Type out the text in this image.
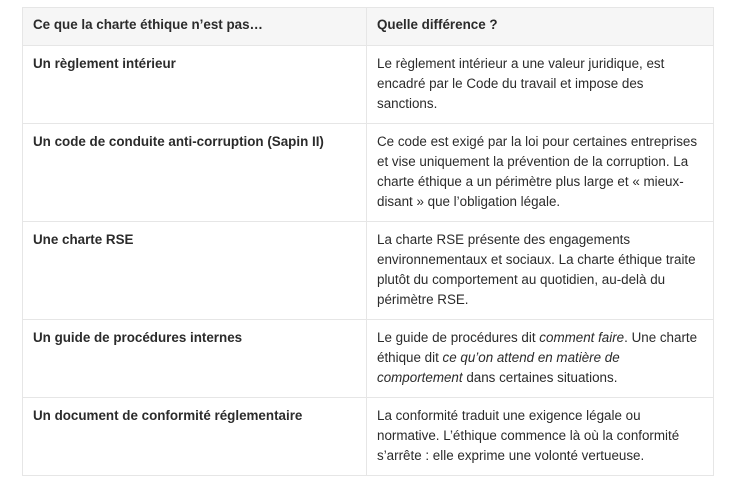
Ce que la charte éthique n’est pas…	Quelle différence ?
Un règlement intérieur	Le règlement intérieur a une valeur juridique, est encadré par le Code du travail et impose des sanctions.
Un code de conduite anti-corruption (Sapin II)	Ce code est exigé par la loi pour certaines entreprises et vise uniquement la prévention de la corruption. La charte éthique a un périmètre plus large et « mieux-disant » que l’obligation légale.
Une charte RSE	La charte RSE présente des engagements environnementaux et sociaux. La charte éthique traite plutôt du comportement au quotidien, au-delà du périmètre RSE.
Un guide de procédures internes	Le guide de procédures dit comment faire. Une charte éthique dit ce qu’on attend en matière de comportement dans certaines situations.
Un document de conformité réglementaire	La conformité traduit une exigence légale ou normative. L’éthique commence là où la conformité s’arrête : elle exprime une volonté vertueuse.
